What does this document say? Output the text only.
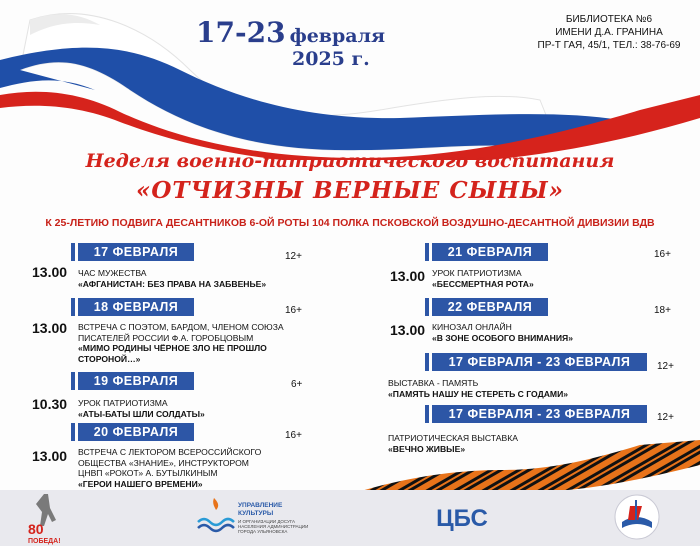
17-23 февраля
2025 г.
БИБЛИОТЕКА №6
ИМЕНИ Д.А. ГРАНИНА
ПР-Т ГАЯ, 45/1, ТЕЛ.: 38-76-69
Неделя военно-патриотического воспитания
«ОТЧИЗНЫ ВЕРНЫЕ СЫНЫ»
К 25-ЛЕТИЮ ПОДВИГА ДЕСАНТНИКОВ 6-ОЙ РОТЫ 104 ПОЛКА ПСКОВСКОЙ ВОЗДУШНО-ДЕСАНТНОЙ ДИВИЗИИ ВДВ
17 ФЕВРАЛЯ	12+
13.00 ЧАС МУЖЕСТВА
«АФГАНИСТАН: БЕЗ ПРАВА НА ЗАБВЕНЬЕ»
18 ФЕВРАЛЯ	16+
13.00 ВСТРЕЧА С ПОЭТОМ, БАРДОМ, ЧЛЕНОМ СОЮЗА
ПИСАТЕЛЕЙ РОССИИ Ф.А. ГОРОБЦОВЫМ
«МИМО РОДИНЫ ЧЁРНОЕ ЗЛО НЕ ПРОШЛО
СТОРОНОЙ…»
19 ФЕВРАЛЯ	6+
10.30 УРОК ПАТРИОТИЗМА
«АТЫ-БАТЫ ШЛИ СОЛДАТЫ»
20 ФЕВРАЛЯ	16+
13.00 ВСТРЕЧА С ЛЕКТОРОМ ВСЕРОССИЙСКОГО
ОБЩЕСТВА «ЗНАНИЕ», ИНСТРУКТОРОМ
ЦНВП «РОКОТ» А. БУТЫЛКИНЫМ
«ГЕРОИ НАШЕГО ВРЕМЕНИ»
21 ФЕВРАЛЯ	16+
13.00 УРОК ПАТРИОТИЗМА
«БЕССМЕРТНАЯ РОТА»
22 ФЕВРАЛЯ	18+
13.00 КИНОЗАЛ ОНЛАЙН
«В ЗОНЕ ОСОБОГО ВНИМАНИЯ»
17 ФЕВРАЛЯ - 23 ФЕВРАЛЯ	12+
ВЫСТАВКА - ПАМЯТЬ
«ПАМЯТЬ НАШУ НЕ СТЕРЕТЬ С ГОДАМИ»
17 ФЕВРАЛЯ - 23 ФЕВРАЛЯ	12+
ПАТРИОТИЧЕСКАЯ ВЫСТАВКА
«ВЕЧНО ЖИВЫЕ»
80
ПОБЕДА!
УПРАВЛЕНИЕ
КУЛЬТУРЫ
И ОРГАНИЗАЦИИ ДОСУГА
НАСЕЛЕНИЯ АДМИНИСТРАЦИИ
ГОРОДА УЛЬЯНОВСКА	ЦБС
